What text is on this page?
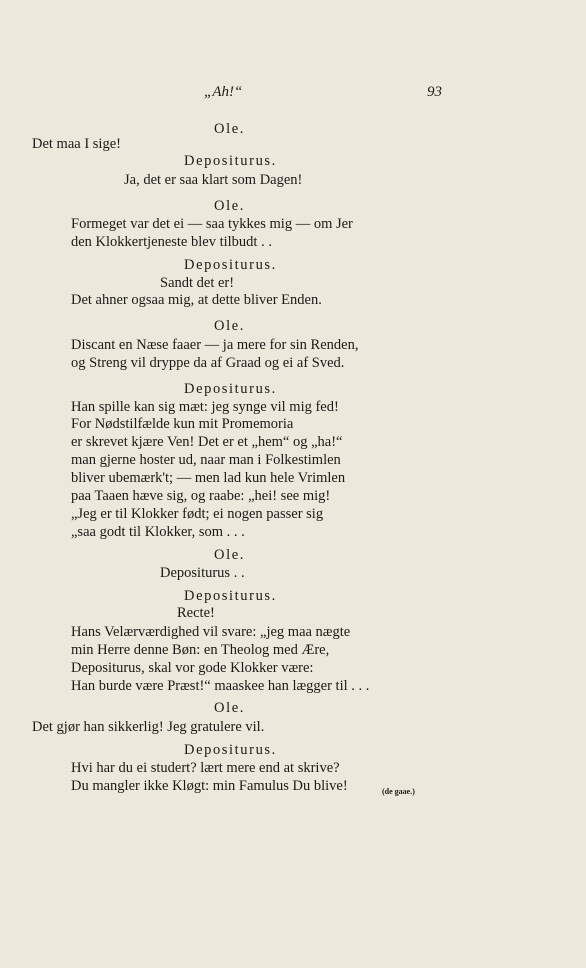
„Ah!“	93
Ole.
Det maa I sige!
Depositurus.
Ja, det er saa klart som Dagen!
Ole.
Formeget var det ei — saa tykkes mig — om Jer
den Klokkertjeneste blev tilbudt . .
Depositurus.
Sandt det er!
Det ahner ogsaa mig, at dette bliver Enden.
Ole.
Discant en Næse faaer — ja mere for sin Renden,
og Streng vil dryppe da af Graad og ei af Sved.
Depositurus.
Han spille kan sig mæt: jeg synge vil mig fed!
For Nødstilfælde kun mit Promemoria
er skrevet kjære Ven! Det er et „hem“ og „ha!“
man gjerne hoster ud, naar man i Folkestimlen
bliver ubemærk't; — men lad kun hele Vrimlen
paa Taaen hæve sig, og raabe: „hei! see mig!
„Jeg er til Klokker født; ei nogen passer sig
„saa godt til Klokker, som . . .
Ole.
Depositurus . .
Depositurus.
Recte!
Hans Velærværdighed vil svare: „jeg maa nægte
min Herre denne Bøn: en Theolog med Ære,
Depositurus, skal vor gode Klokker være:
Han burde være Præst!“ maaskee han lægger til . . .
Ole.
Det gjør han sikkerlig! Jeg gratulere vil.
Depositurus.
Hvi har du ei studert? lært mere end at skrive?
Du mangler ikke Kløgt: min Famulus Du blive!	(de gaae.)
